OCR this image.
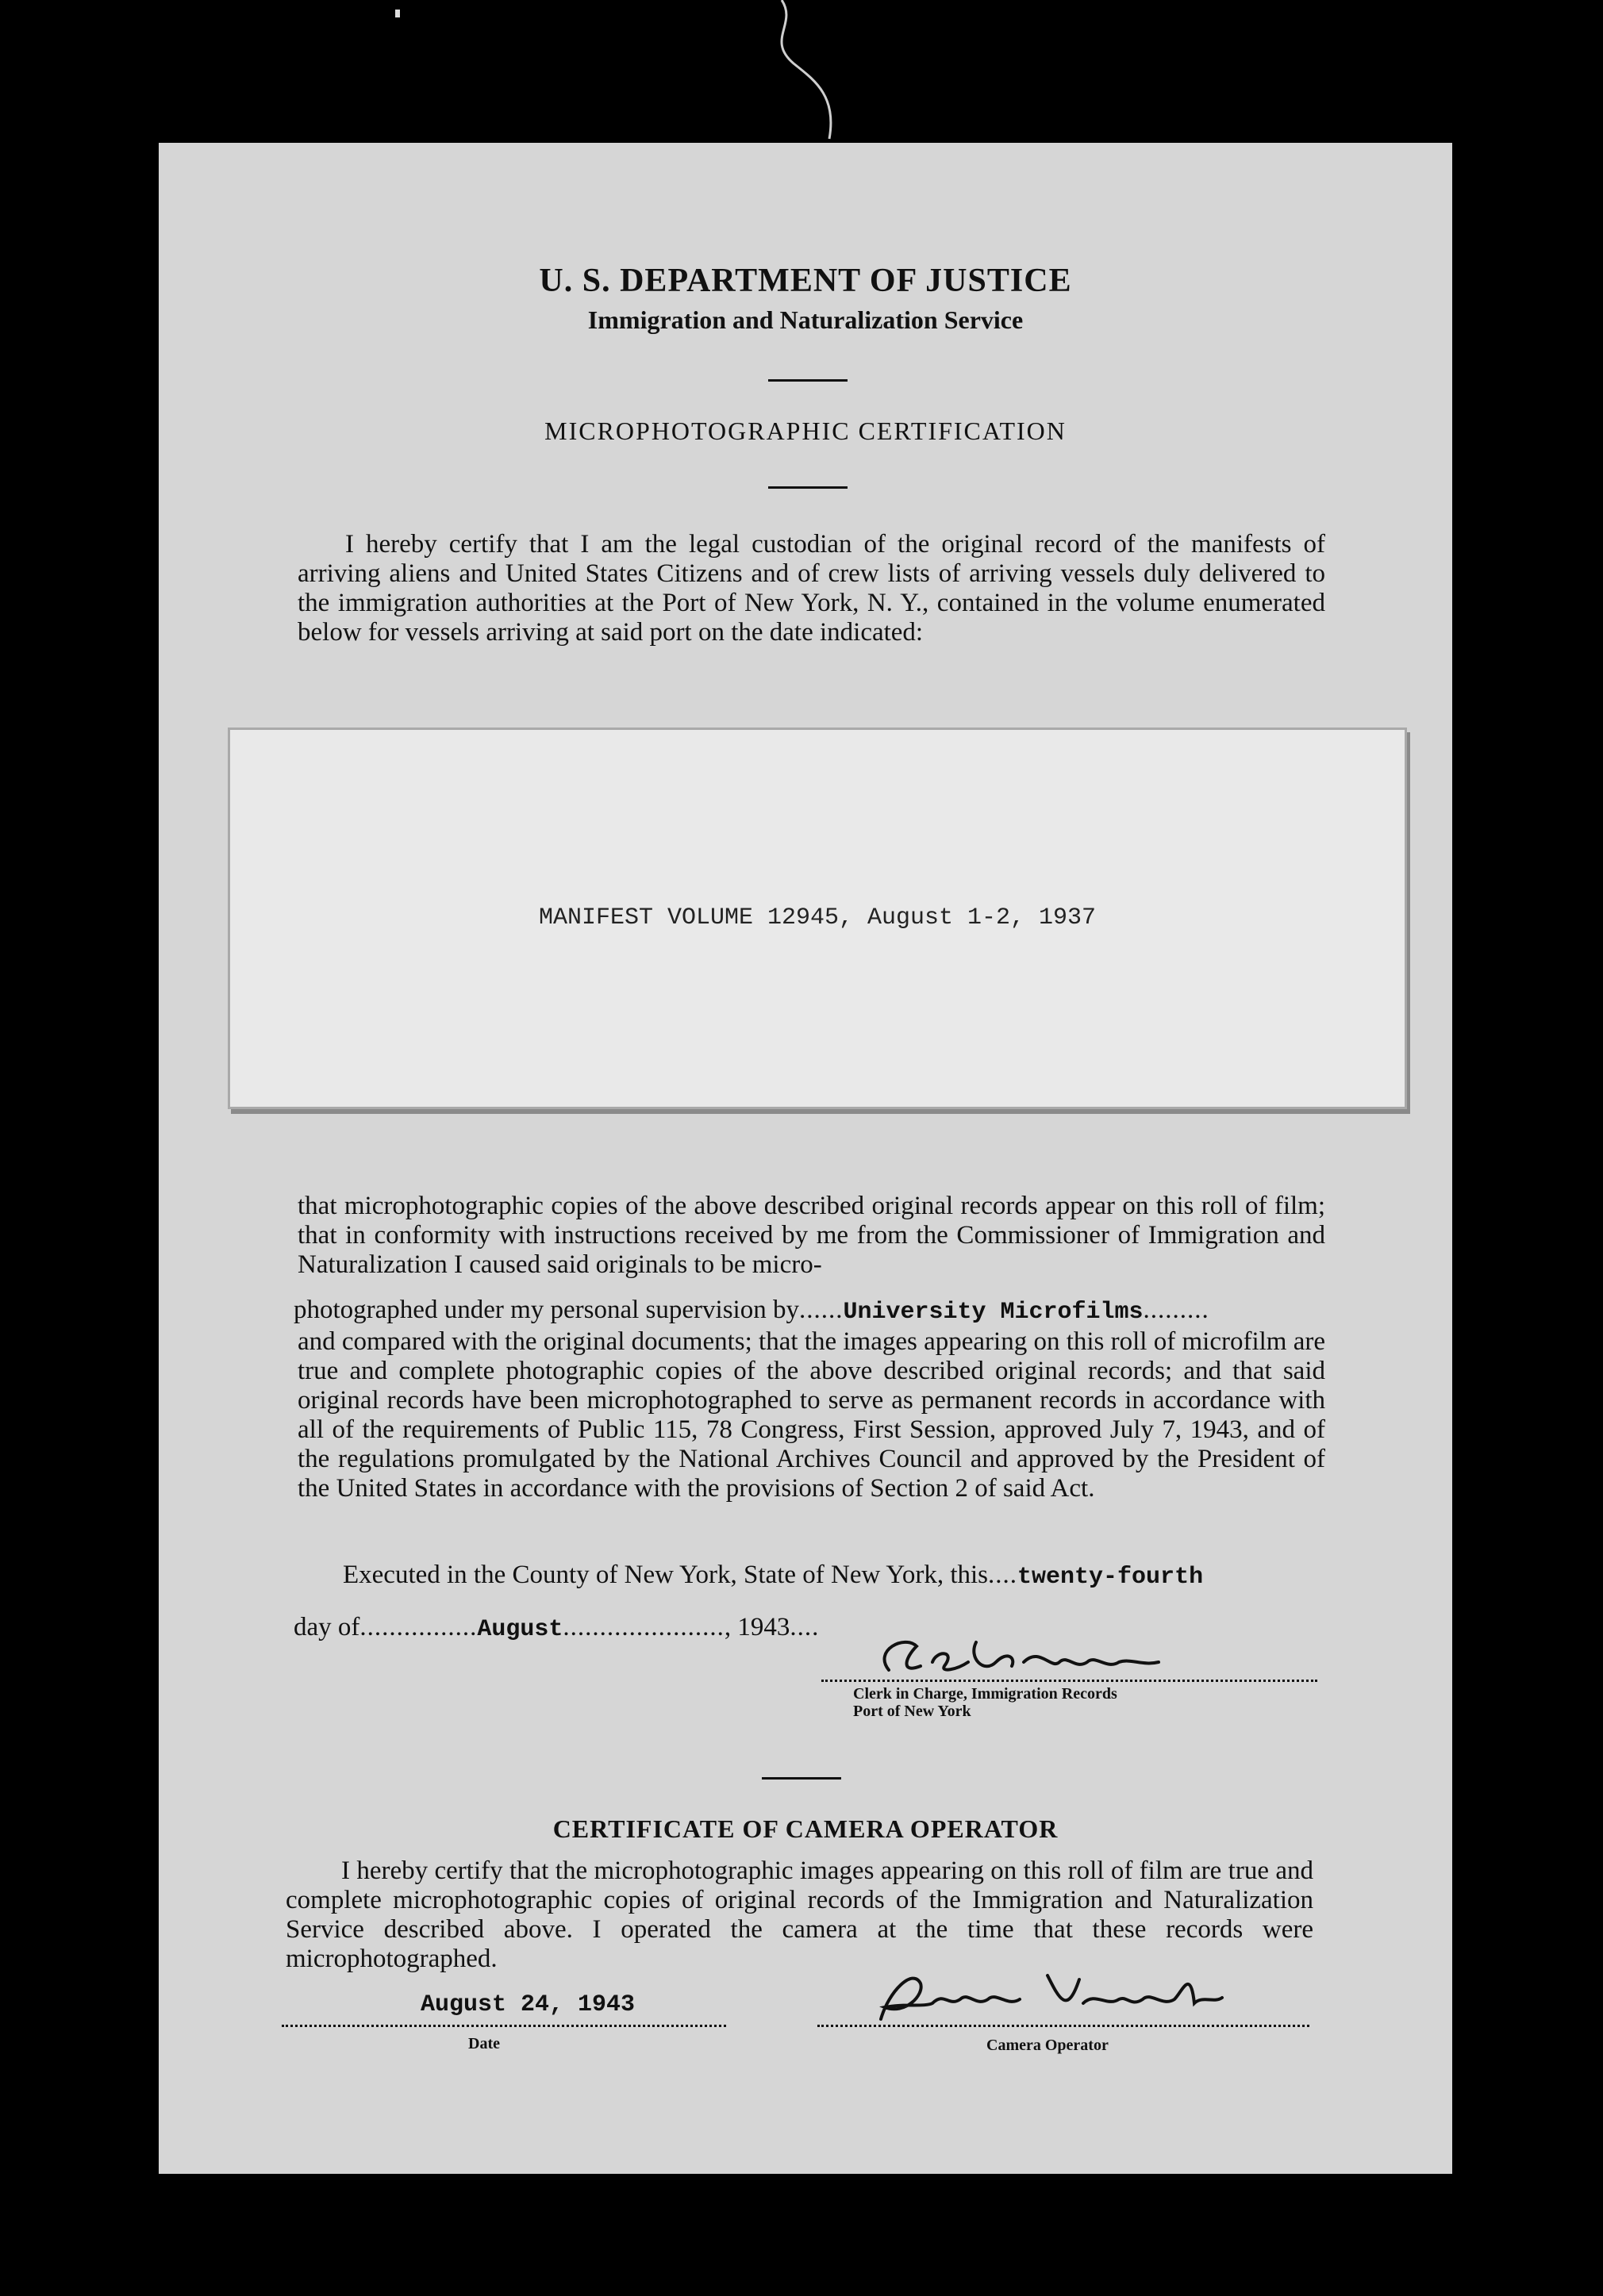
U. S. DEPARTMENT OF JUSTICE
Immigration and Naturalization Service
MICROPHOTOGRAPHIC CERTIFICATION

I hereby certify that I am the legal custodian of the original record of the manifests of arriving aliens and United States Citizens and of crew lists of arriving vessels duly delivered to the immigration authorities at the Port of New York, N. Y., contained in the volume enumerated below for vessels arriving at said port on the date indicated:

MANIFEST VOLUME 12945, August 1-2, 1937

that microphotographic copies of the above described original records appear on this roll of film; that in conformity with instructions received by me from the Commissioner of Immigration and Naturalization I caused said originals to be micro-

photographed under my personal supervision by......University Microfilms.........

and compared with the original documents; that the images appearing on this roll of microfilm are true and complete photographic copies of the above described original records; and that said original records have been microphotographed to serve as permanent records in accordance with all of the requirements of Public 115, 78 Congress, First Session, approved July 7, 1943, and of the regulations promulgated by the National Archives Council and approved by the President of the United States in accordance with the provisions of Section 2 of said Act.

Executed in the County of New York, State of New York, this....twenty-fourth

day of................August......................, 1943....

Clerk in Charge, Immigration Records
Port of New York
CERTIFICATE OF CAMERA OPERATOR

I hereby certify that the microphotographic images appearing on this roll of film are true and complete microphotographic copies of original records of the Immigration and Naturalization Service described above. I operated the camera at the time that these records were microphotographed.

August 24, 1943
Date	Camera Operator
